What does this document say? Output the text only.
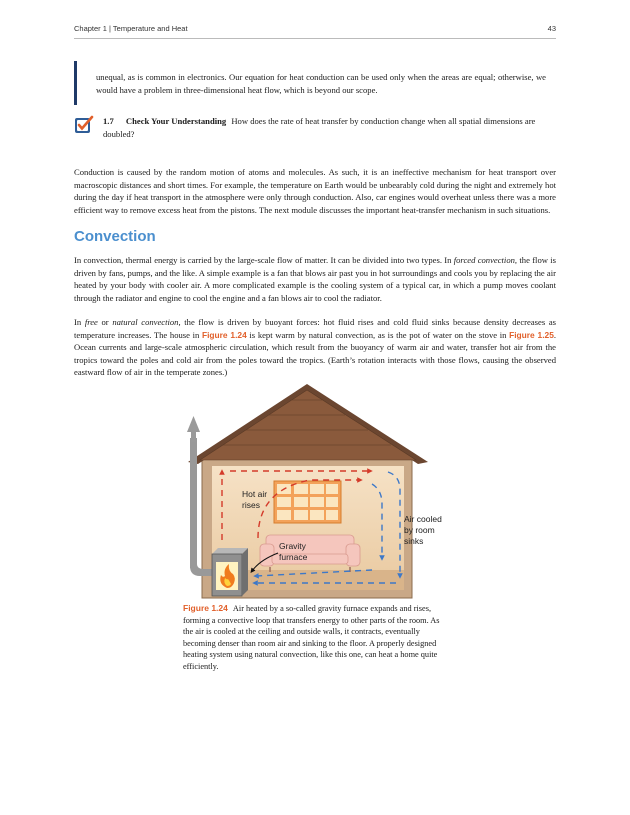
Chapter 1 | Temperature and Heat	43
unequal, as is common in electronics. Our equation for heat conduction can be used only when the areas are equal; otherwise, we would have a problem in three-dimensional heat flow, which is beyond our scope.
1.7 Check Your Understanding How does the rate of heat transfer by conduction change when all spatial dimensions are doubled?
Conduction is caused by the random motion of atoms and molecules. As such, it is an ineffective mechanism for heat transport over macroscopic distances and short times. For example, the temperature on Earth would be unbearably cold during the night and extremely hot during the day if heat transport in the atmosphere were only through conduction. Also, car engines would overheat unless there was a more efficient way to remove excess heat from the pistons. The next module discusses the important heat-transfer mechanism in such situations.
Convection
In convection, thermal energy is carried by the large-scale flow of matter. It can be divided into two types. In forced convection, the flow is driven by fans, pumps, and the like. A simple example is a fan that blows air past you in hot surroundings and cools you by replacing the air heated by your body with cooler air. A more complicated example is the cooling system of a typical car, in which a pump moves coolant through the radiator and engine to cool the engine and a fan blows air to cool the radiator.
In free or natural convection, the flow is driven by buoyant forces: hot fluid rises and cold fluid sinks because density decreases as temperature increases. The house in Figure 1.24 is kept warm by natural convection, as is the pot of water on the stove in Figure 1.25. Ocean currents and large-scale atmospheric circulation, which result from the buoyancy of warm air and water, transfer hot air from the tropics toward the poles and cold air from the poles toward the tropics. (Earth’s rotation interacts with those flows, causing the observed eastward flow of air in the temperate zones.)
Hot air rises
Air cooled by room sinks
Gravity furnace
Figure 1.24 Air heated by a so-called gravity furnace expands and rises, forming a convective loop that transfers energy to other parts of the room. As the air is cooled at the ceiling and outside walls, it contracts, eventually becoming denser than room air and sinking to the floor. A properly designed heating system using natural convection, like this one, can heat a home quite efficiently.
